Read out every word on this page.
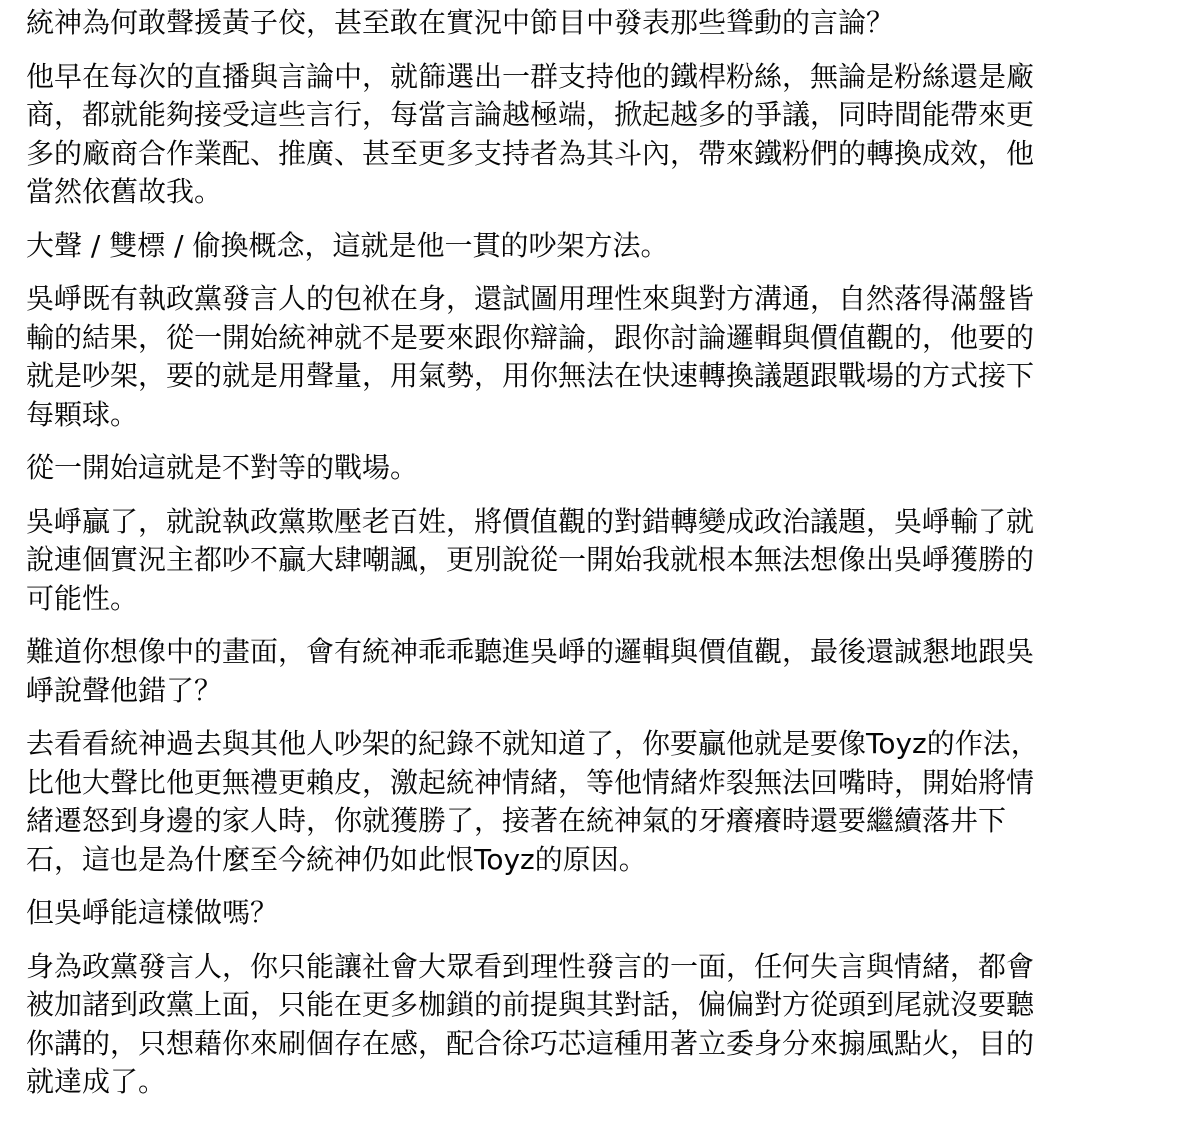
統神為何敢聲援黃子佼，甚至敢在實況中節目中發表那些聳動的言論？

他早在每次的直播與言論中，就篩選出一群支持他的鐵桿粉絲，無論是粉絲還是廠
商，都就能夠接受這些言行，每當言論越極端，掀起越多的爭議，同時間能帶來更
多的廠商合作業配、推廣、甚至更多支持者為其斗內，帶來鐵粉們的轉換成效，他
當然依舊故我。

大聲 / 雙標 / 偷換概念，這就是他一貫的吵架方法。

吳崢既有執政黨發言人的包袱在身，還試圖用理性來與對方溝通，自然落得滿盤皆
輸的結果，從一開始統神就不是要來跟你辯論，跟你討論邏輯與價值觀的，他要的
就是吵架，要的就是用聲量，用氣勢，用你無法在快速轉換議題跟戰場的方式接下
每顆球。

從一開始這就是不對等的戰場。

吳崢贏了，就說執政黨欺壓老百姓，將價值觀的對錯轉變成政治議題，吳崢輸了就
說連個實況主都吵不贏大肆嘲諷，更別說從一開始我就根本無法想像出吳崢獲勝的
可能性。

難道你想像中的畫面，會有統神乖乖聽進吳崢的邏輯與價值觀，最後還誠懇地跟吳
崢說聲他錯了？

去看看統神過去與其他人吵架的紀錄不就知道了，你要贏他就是要像Toyz的作法，
比他大聲比他更無禮更賴皮，激起統神情緒，等他情緒炸裂無法回嘴時，開始將情
緒遷怒到身邊的家人時，你就獲勝了，接著在統神氣的牙癢癢時還要繼續落井下
石，這也是為什麼至今統神仍如此恨Toyz的原因。

但吳崢能這樣做嗎？

身為政黨發言人，你只能讓社會大眾看到理性發言的一面，任何失言與情緒，都會
被加諸到政黨上面，只能在更多枷鎖的前提與其對話，偏偏對方從頭到尾就沒要聽
你講的，只想藉你來刷個存在感，配合徐巧芯這種用著立委身分來搧風點火，目的
就達成了。
